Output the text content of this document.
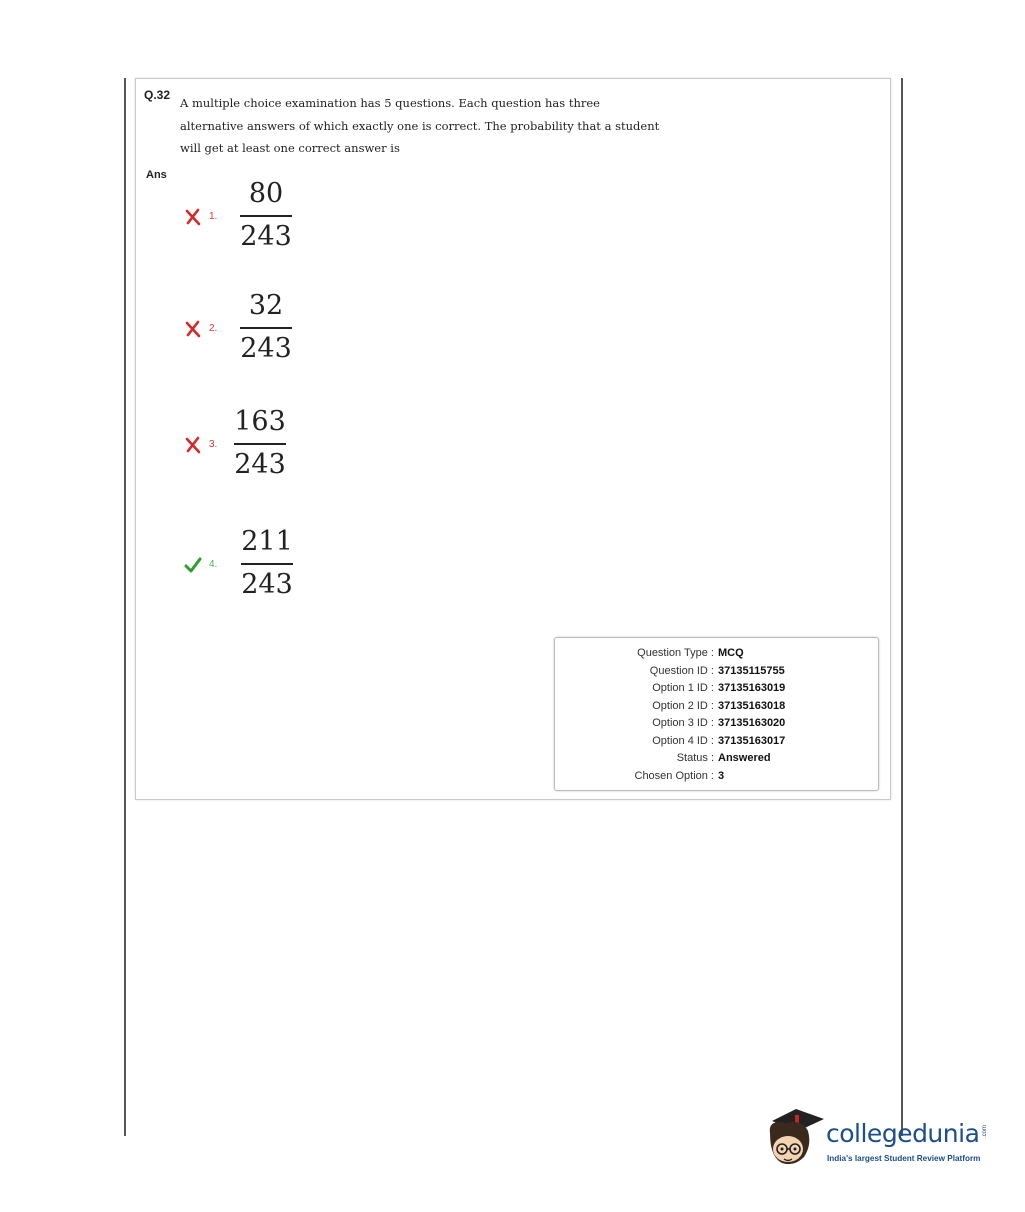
Q.32
A multiple choice examination has 5 questions. Each question has three alternative answers of which exactly one is correct. The probability that a student will get at least one correct answer is
Ans
1.
80
243
2.
32
243
3.
163
243
4.
211
243
Question Type : MCQ
Question ID : 37135115755
Option 1 ID : 37135163019
Option 2 ID : 37135163018
Option 3 ID : 37135163020
Option 4 ID : 37135163017
Status : Answered
Chosen Option : 3
collegedunia .com
India's largest Student Review Platform
